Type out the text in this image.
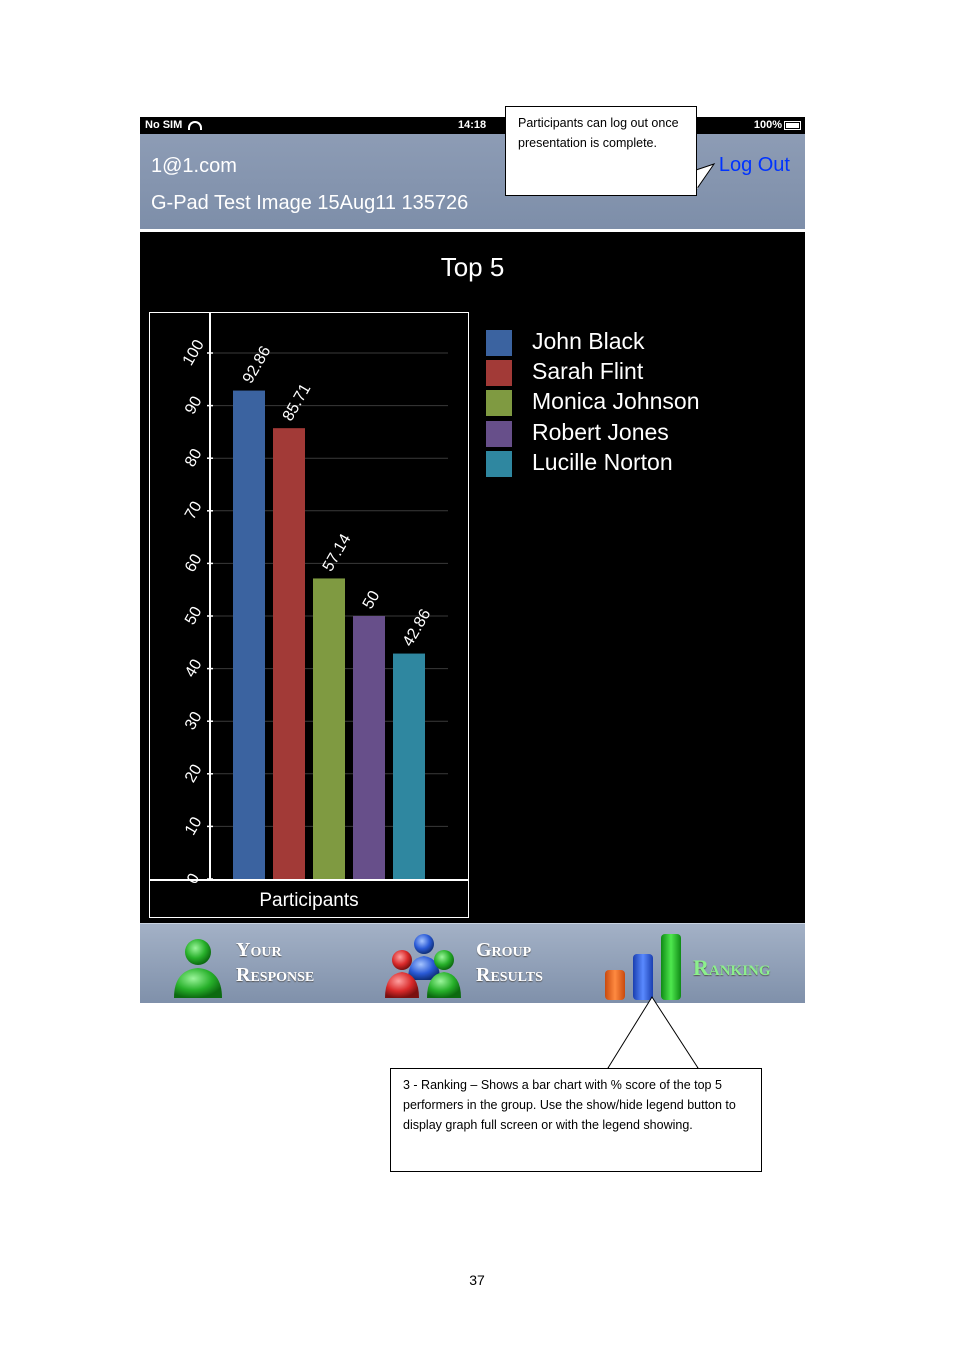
No SIM	14:18	100%
1@1.com
G-Pad Test Image 15Aug11 135726
Log Out
Top 5
0
10
20
30
40
50
60
70
80
90
100
Participants
92.86
85.71
57.14
50
42.86
John Black
Sarah Flint
Monica Johnson
Robert Jones
Lucille Norton
Your
Response
Group
Results	Ranking
Participants can log out once presentation is complete.
3 - Ranking – Shows a bar chart with % score of the top 5 performers in the group. Use the show/hide legend button to display graph full screen or with the legend showing.
37
